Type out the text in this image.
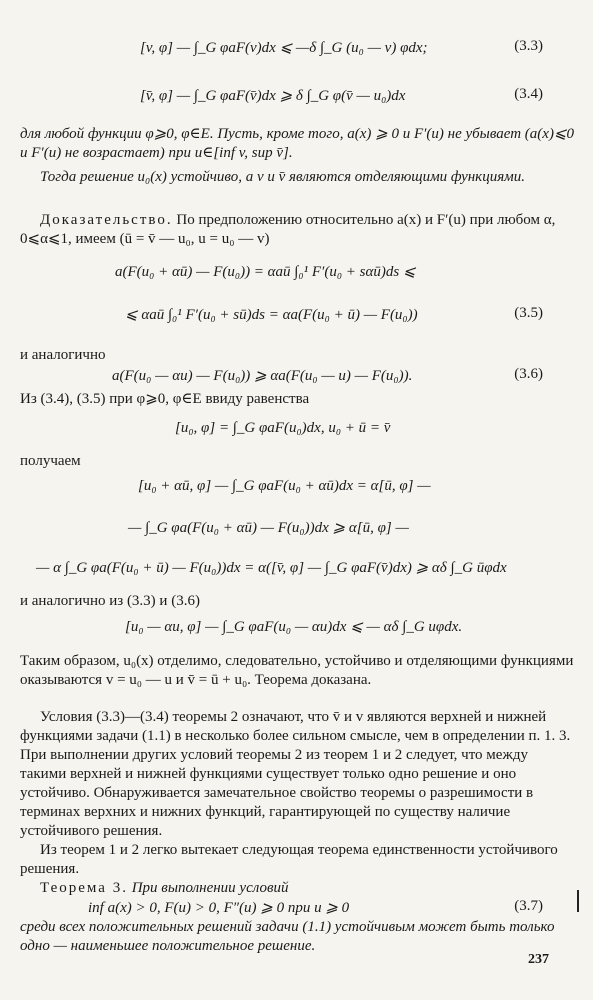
[v, φ] — ∫_G φaF(v)dx ⩽ —δ ∫_G (u₀ — v) φdx;	(3.3)
[v̄, φ] — ∫_G φaF(v̄)dx ⩾ δ ∫_G φ(v̄ — u₀)dx	(3.4)
для любой функции φ⩾0, φ∈E. Пусть, кроме того, a(x) ⩾ 0 и F′(u) не убывает (a(x)⩽0 и F′(u) не возрастает) при u∈[inf v, sup v̄].
Тогда решение u₀(x) устойчиво, а v и v̄ являются отделяющими функциями.
Доказательство. По предположению относительно a(x) и F′(u) при любом α, 0⩽α⩽1, имеем (ū = v̄ — u₀, u = u₀ — v)
a(F(u₀ + αū) — F(u₀)) = αaū ∫₀¹ F′(u₀ + sαū)ds ⩽
⩽ αaū ∫₀¹ F′(u₀ + sū)ds = αa(F(u₀ + ū) — F(u₀))	(3.5)
и аналогично
a(F(u₀ — αu) — F(u₀)) ⩾ αa(F(u₀ — u) — F(u₀)).	(3.6)
Из (3.4), (3.5) при φ⩾0, φ∈E ввиду равенства
[u₀, φ] = ∫_G φaF(u₀)dx, u₀ + ū = v̄
получаем
[u₀ + αū, φ] — ∫_G φaF(u₀ + αū)dx = α[ū, φ] —
— ∫_G φa(F(u₀ + αū) — F(u₀))dx ⩾ α[ū, φ] —
— α ∫_G φa(F(u₀ + ū) — F(u₀))dx = α([v̄, φ] — ∫_G φaF(v̄)dx) ⩾ αδ ∫_G ūφdx
и аналогично из (3.3) и (3.6)
[u₀ — αu, φ] — ∫_G φaF(u₀ — αu)dx ⩽ — αδ ∫_G uφdx.
Таким образом, u₀(x) отделимо, следовательно, устойчиво и отделяющими функциями оказываются v = u₀ — u и v̄ = ū + u₀. Теорема доказана.
Условия (3.3)—(3.4) теоремы 2 означают, что v̄ и v являются верхней и нижней функциями задачи (1.1) в несколько более сильном смысле, чем в определении п. 1. 3. При выполнении других условий теоремы 2 из теорем 1 и 2 следует, что между такими верхней и нижней функциями существует только одно решение и оно устойчиво. Обнаруживается замечательное свойство теоремы о разрешимости в терминах верхних и нижних функций, гарантирующей по существу наличие устойчивого решения.
Из теорем 1 и 2 легко вытекает следующая теорема единственности устойчивого решения.
Теорема 3. При выполнении условий
inf a(x) > 0, F(u) > 0, F″(u) ⩾ 0 при u ⩾ 0	(3.7)
среди всех положительных решений задачи (1.1) устойчивым может быть только одно — наименьшее положительное решение.
237
